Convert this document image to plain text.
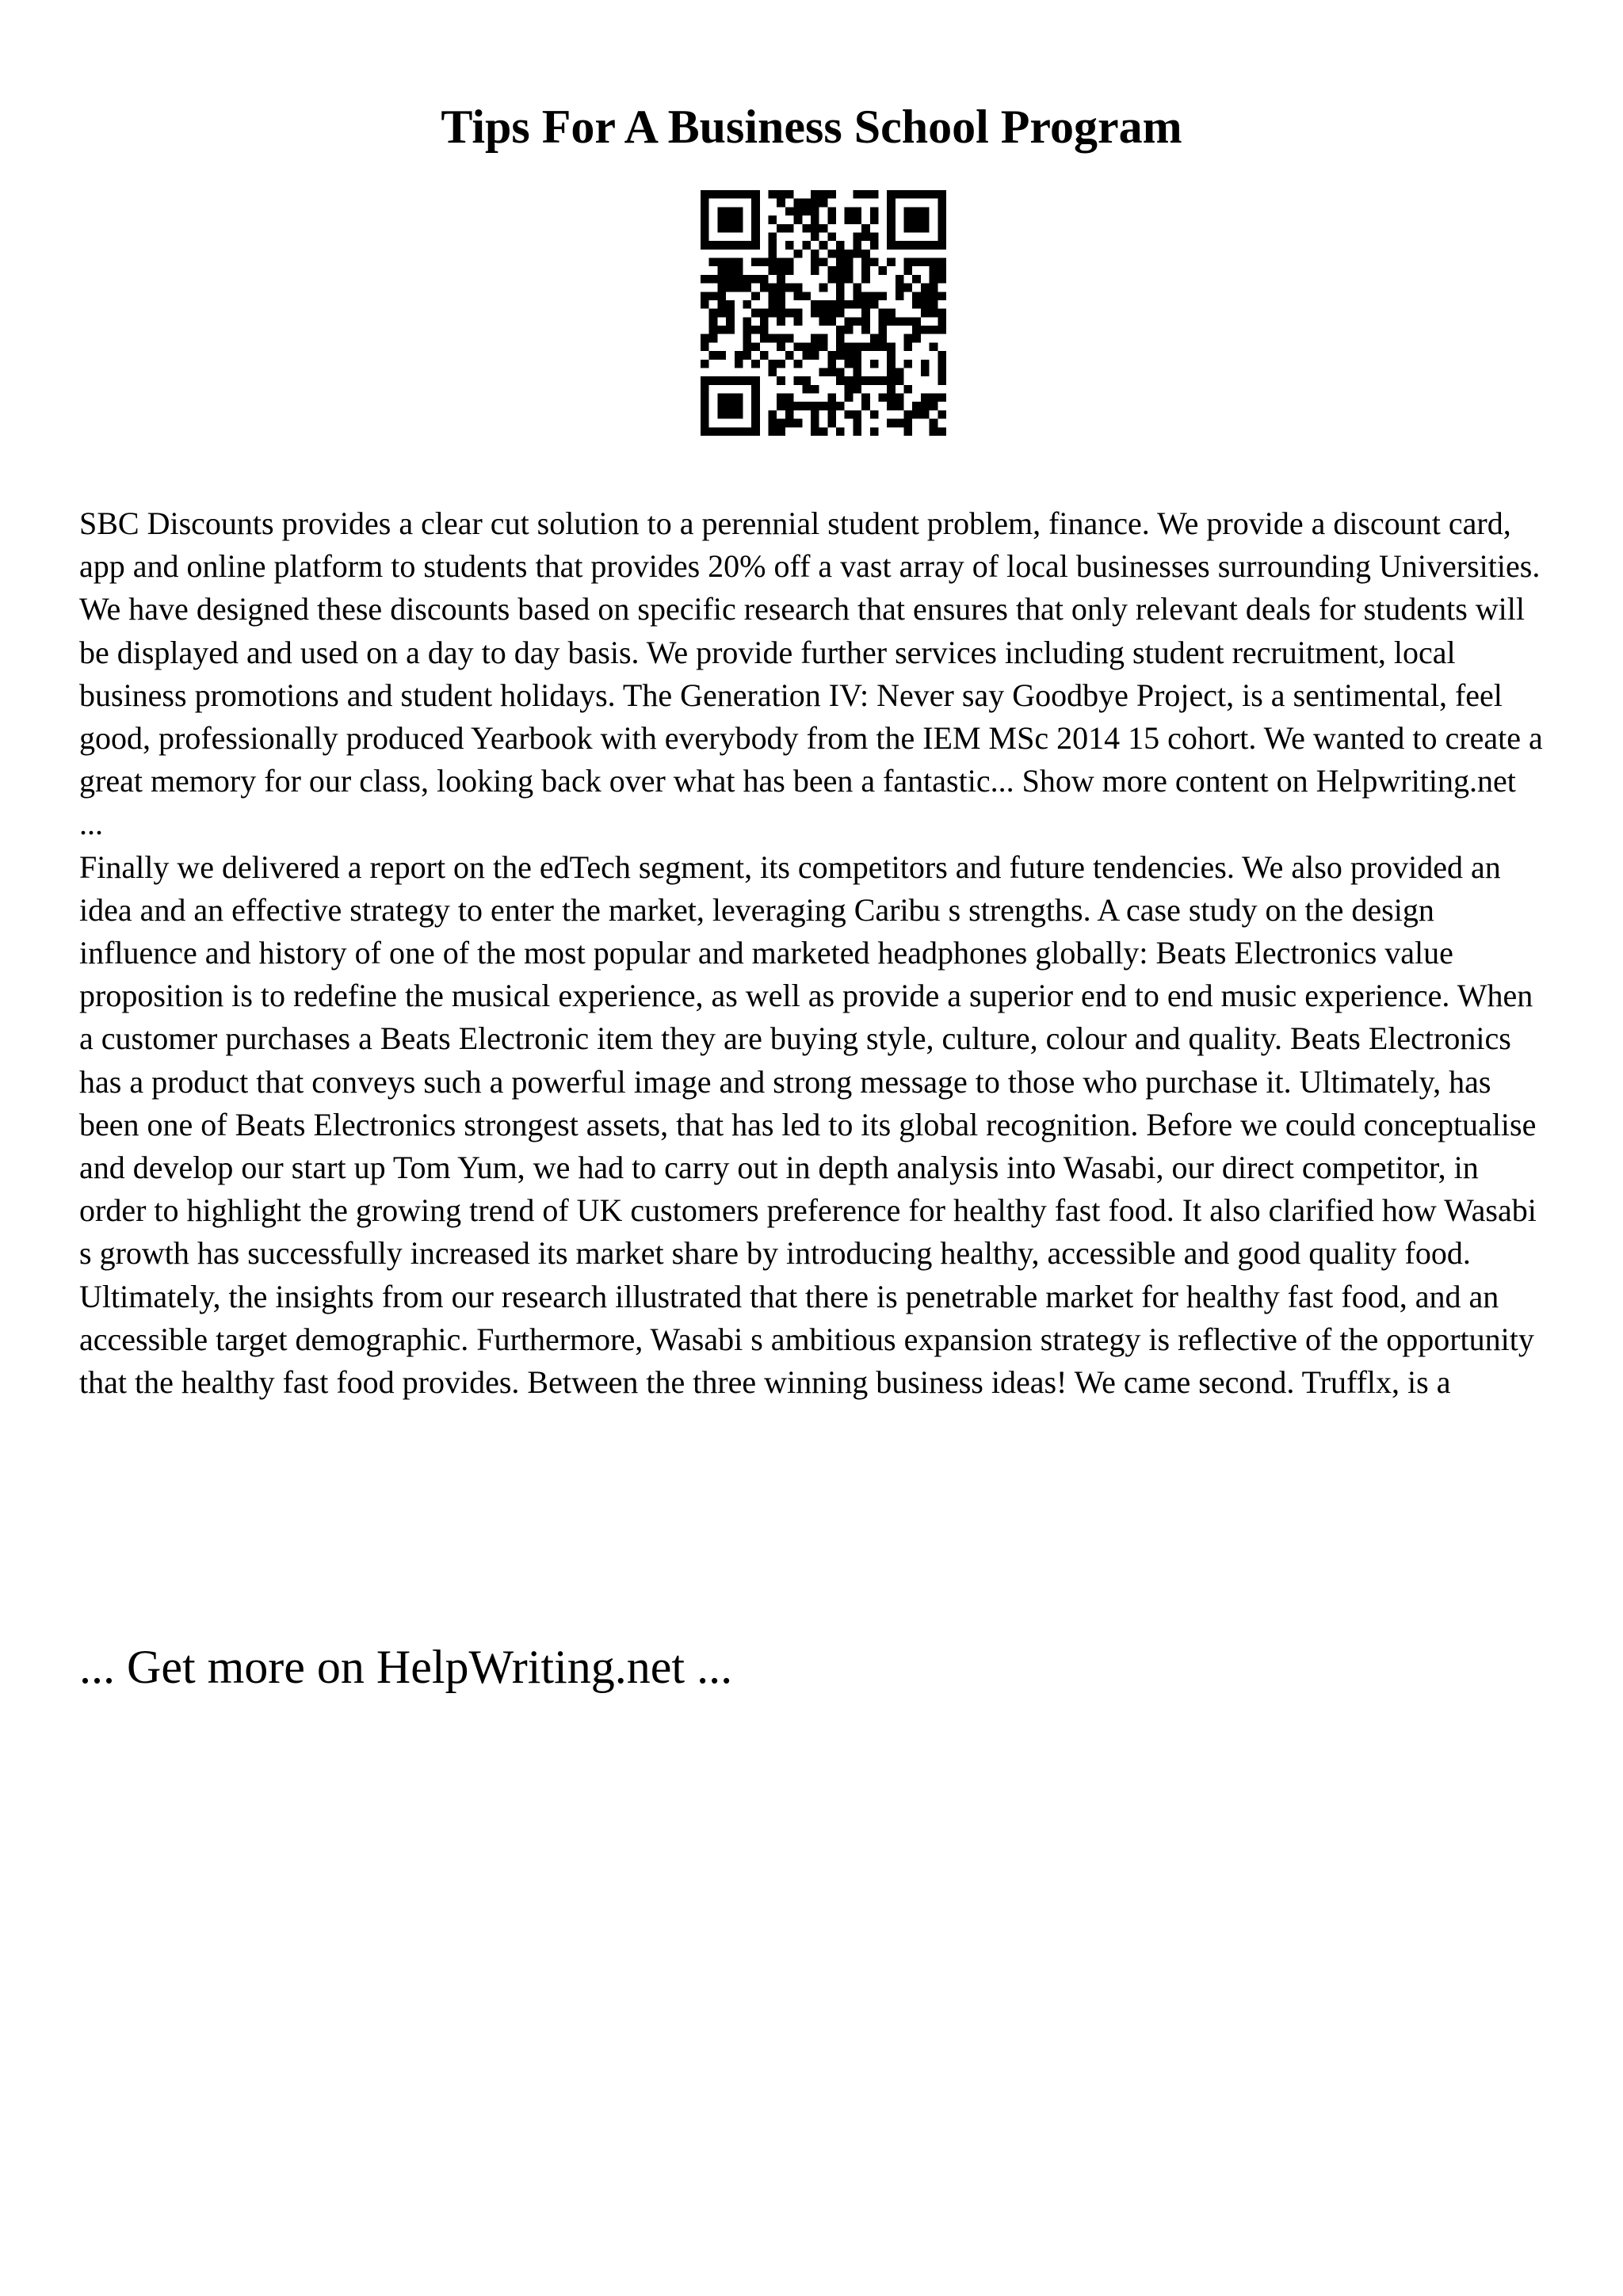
Tips For A Business School Program

SBC Discounts provides a clear cut solution to a perennial student problem, finance. We provide a discount card, app and online platform to students that provides 20% off a vast array of local businesses surrounding Universities. We have designed these discounts based on specific research that ensures that only relevant deals for students will be displayed and used on a day to day basis. We provide further services including student recruitment, local business promotions and student holidays. The Generation IV: Never say Goodbye Project, is a sentimental, feel good, professionally produced Yearbook with everybody from the IEM MSc 2014 15 cohort. We wanted to create a great memory for our class, looking back over what has been a fantastic... Show more content on Helpwriting.net ...

Finally we delivered a report on the edTech segment, its competitors and future tendencies. We also provided an idea and an effective strategy to enter the market, leveraging Caribu s strengths. A case study on the design influence and history of one of the most popular and marketed headphones globally: Beats Electronics value proposition is to redefine the musical experience, as well as provide a superior end to end music experience. When a customer purchases a Beats Electronic item they are buying style, culture, colour and quality. Beats Electronics has a product that conveys such a powerful image and strong message to those who purchase it. Ultimately, has been one of Beats Electronics strongest assets, that has led to its global recognition. Before we could conceptualise and develop our start up Tom Yum, we had to carry out in depth analysis into Wasabi, our direct competitor, in order to highlight the growing trend of UK customers preference for healthy fast food. It also clarified how Wasabi s growth has successfully increased its market share by introducing healthy, accessible and good quality food. Ultimately, the insights from our research illustrated that there is penetrable market for healthy fast food, and an accessible target demographic. Furthermore, Wasabi s ambitious expansion strategy is reflective of the opportunity that the healthy fast food provides. Between the three winning business ideas! We came second. Trufflx, is a

... Get more on HelpWriting.net ...
